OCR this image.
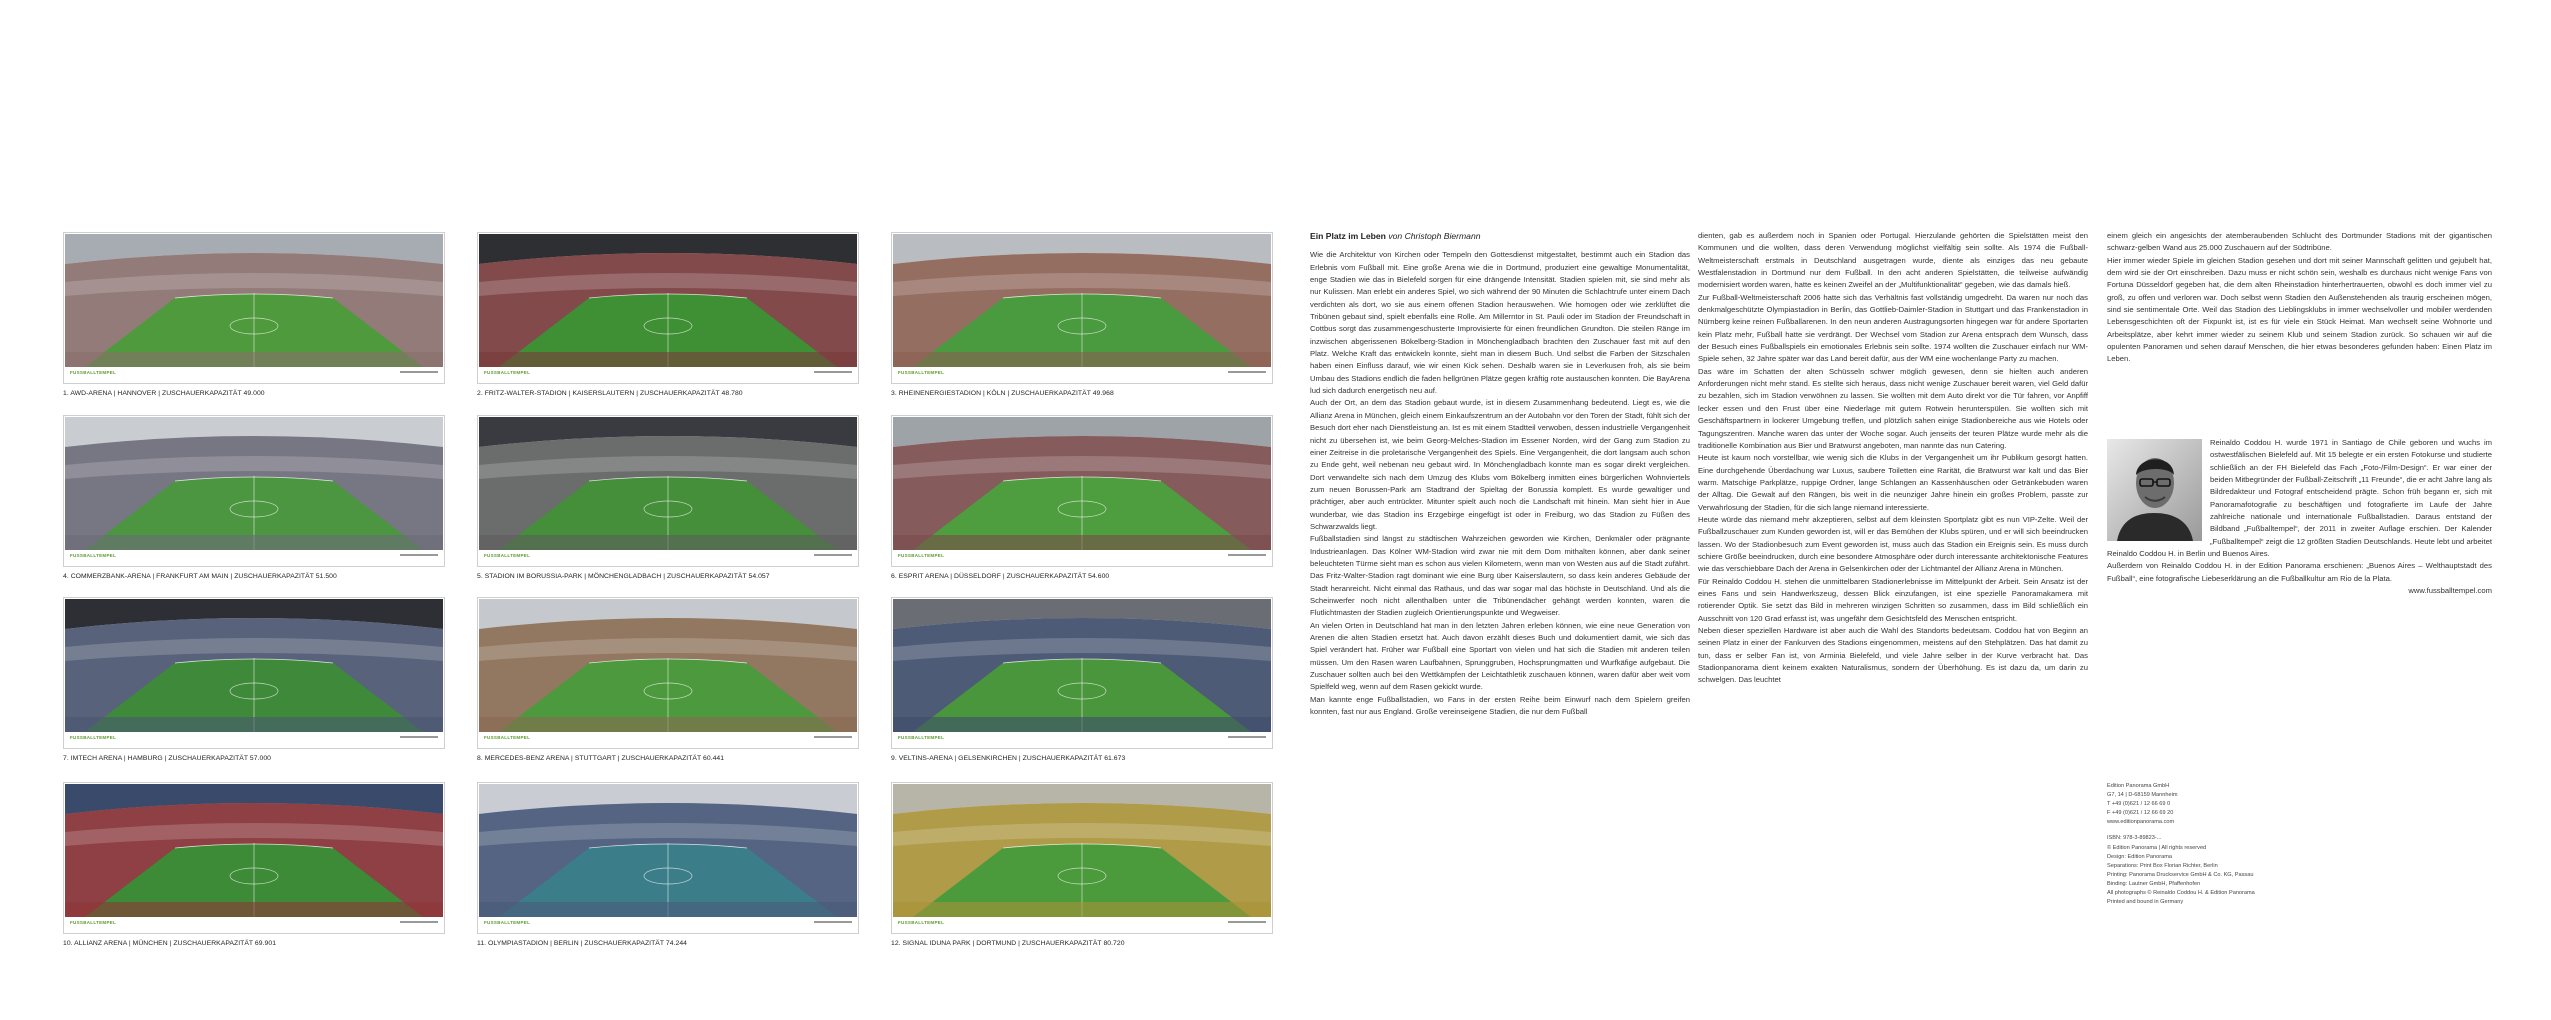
FUSSBALLTEMPEL
1. AWD-ARENA | HANNOVER | ZUSCHAUERKAPAZITÄT 49.000
FUSSBALLTEMPEL
2. FRITZ-WALTER-STADION | KAISERSLAUTERN | ZUSCHAUERKAPAZITÄT 48.780
FUSSBALLTEMPEL
3. RHEINENERGIESTADION | KÖLN | ZUSCHAUERKAPAZITÄT 49.968
FUSSBALLTEMPEL
4. COMMERZBANK-ARENA | FRANKFURT AM MAIN | ZUSCHAUERKAPAZITÄT 51.500
FUSSBALLTEMPEL
5. STADION IM BORUSSIA-PARK | MÖNCHENGLADBACH | ZUSCHAUERKAPAZITÄT 54.057
FUSSBALLTEMPEL
6. ESPRIT ARENA | DÜSSELDORF | ZUSCHAUERKAPAZITÄT 54.600
FUSSBALLTEMPEL
7. IMTECH ARENA | HAMBURG | ZUSCHAUERKAPAZITÄT 57.000
FUSSBALLTEMPEL
8. MERCEDES-BENZ ARENA | STUTTGART | ZUSCHAUERKAPAZITÄT 60.441
FUSSBALLTEMPEL
9. VELTINS-ARENA | GELSENKIRCHEN | ZUSCHAUERKAPAZITÄT 61.673
FUSSBALLTEMPEL
10. ALLIANZ ARENA | MÜNCHEN | ZUSCHAUERKAPAZITÄT 69.901
FUSSBALLTEMPEL
11. OLYMPIASTADION | BERLIN | ZUSCHAUERKAPAZITÄT 74.244
FUSSBALLTEMPEL
12. SIGNAL IDUNA PARK | DORTMUND | ZUSCHAUERKAPAZITÄT 80.720
Ein Platz im Leben von Christoph Biermann

Wie die Architektur von Kirchen oder Tempeln den Gottesdienst mitgestaltet, bestimmt auch ein Stadion das Erlebnis vom Fußball mit. Eine große Arena wie die in Dortmund, produziert eine gewaltige Monumentalität, enge Stadien wie das in Bielefeld sorgen für eine drängende Intensität. Stadien spielen mit, sie sind mehr als nur Kulissen. Man erlebt ein anderes Spiel, wo sich während der 90 Minuten die Schlachtrufe unter einem Dach verdichten als dort, wo sie aus einem offenen Stadion herauswehen. Wie homogen oder wie zerklüftet die Tribünen gebaut sind, spielt ebenfalls eine Rolle. Am Millerntor in St. Pauli oder im Stadion der Freundschaft in Cottbus sorgt das zusammengeschusterte Improvisierte für einen freundlichen Grundton. Die steilen Ränge im inzwischen abgerissenen Bökelberg-Stadion in Mönchengladbach brachten den Zuschauer fast mit auf den Platz. Welche Kraft das entwickeln konnte, sieht man in diesem Buch. Und selbst die Farben der Sitzschalen haben einen Einfluss darauf, wie wir einen Kick sehen. Deshalb waren sie in Leverkusen froh, als sie beim Umbau des Stadions endlich die faden hellgrünen Plätze gegen kräftig rote austauschen konnten. Die BayArena lud sich dadurch energetisch neu auf.

Auch der Ort, an dem das Stadion gebaut wurde, ist in diesem Zusammenhang bedeutend. Liegt es, wie die Allianz Arena in München, gleich einem Einkaufszentrum an der Autobahn vor den Toren der Stadt, fühlt sich der Besuch dort eher nach Dienstleistung an. Ist es mit einem Stadtteil verwoben, dessen industrielle Vergangenheit nicht zu übersehen ist, wie beim Georg-Melches-Stadion im Essener Norden, wird der Gang zum Stadion zu einer Zeitreise in die proletarische Vergangenheit des Spiels. Eine Vergangenheit, die dort langsam auch schon zu Ende geht, weil nebenan neu gebaut wird. In Mönchengladbach konnte man es sogar direkt vergleichen. Dort verwandelte sich nach dem Umzug des Klubs vom Bökelberg inmitten eines bürgerlichen Wohnviertels zum neuen Borussen-Park am Stadtrand der Spieltag der Borussia komplett. Es wurde gewaltiger und prächtiger, aber auch entrückter. Mitunter spielt auch noch die Landschaft mit hinein. Man sieht hier in Aue wunderbar, wie das Stadion ins Erzgebirge eingefügt ist oder in Freiburg, wo das Stadion zu Füßen des Schwarzwalds liegt.

Fußballstadien sind längst zu städtischen Wahrzeichen geworden wie Kirchen, Denkmäler oder prägnante Industrieanlagen. Das Kölner WM-Stadion wird zwar nie mit dem Dom mithalten können, aber dank seiner beleuchteten Türme sieht man es schon aus vielen Kilometern, wenn man von Westen aus auf die Stadt zufährt. Das Fritz-Walter-Stadion ragt dominant wie eine Burg über Kaiserslautern, so dass kein anderes Gebäude der Stadt heranreicht. Nicht einmal das Rathaus, und das war sogar mal das höchste in Deutschland. Und als die Scheinwerfer noch nicht allenthalben unter die Tribünendächer gehängt werden konnten, waren die Flutlichtmasten der Stadien zugleich Orientierungspunkte und Wegweiser.

An vielen Orten in Deutschland hat man in den letzten Jahren erleben können, wie eine neue Generation von Arenen die alten Stadien ersetzt hat. Auch davon erzählt dieses Buch und dokumentiert damit, wie sich das Spiel verändert hat. Früher war Fußball eine Sportart von vielen und hat sich die Stadien mit anderen teilen müssen. Um den Rasen waren Laufbahnen, Sprunggruben, Hochsprungmatten und Wurfkäfige aufgebaut. Die Zuschauer sollten auch bei den Wettkämpfen der Leichtathletik zuschauen können, waren dafür aber weit vom Spielfeld weg, wenn auf dem Rasen gekickt wurde.

Man kannte enge Fußballstadien, wo Fans in der ersten Reihe beim Einwurf nach dem Spielern greifen konnten, fast nur aus England. Große vereinseigene Stadien, die nur dem Fußball

dienten, gab es außerdem noch in Spanien oder Portugal. Hierzulande gehörten die Spielstätten meist den Kommunen und die wollten, dass deren Verwendung möglichst vielfältig sein sollte. Als 1974 die Fußball-Weltmeisterschaft erstmals in Deutschland ausgetragen wurde, diente als einziges das neu gebaute Westfalenstadion in Dortmund nur dem Fußball. In den acht anderen Spielstätten, die teilweise aufwändig modernisiert worden waren, hatte es keinen Zweifel an der „Multifunktionalität“ gegeben, wie das damals hieß.

Zur Fußball-Weltmeisterschaft 2006 hatte sich das Verhältnis fast vollständig umgedreht. Da waren nur noch das denkmalgeschützte Olympiastadion in Berlin, das Gottlieb-Daimler-Stadion in Stuttgart und das Frankenstadion in Nürnberg keine reinen Fußballarenen. In den neun anderen Austragungsorten hingegen war für andere Sportarten kein Platz mehr, Fußball hatte sie verdrängt. Der Wechsel vom Stadion zur Arena entsprach dem Wunsch, dass der Besuch eines Fußballspiels ein emotionales Erlebnis sein sollte. 1974 wollten die Zuschauer einfach nur WM-Spiele sehen, 32 Jahre später war das Land bereit dafür, aus der WM eine wochenlange Party zu machen.

Das wäre im Schatten der alten Schüsseln schwer möglich gewesen, denn sie hielten auch anderen Anforderungen nicht mehr stand. Es stellte sich heraus, dass nicht wenige Zuschauer bereit waren, viel Geld dafür zu bezahlen, sich im Stadion verwöhnen zu lassen. Sie wollten mit dem Auto direkt vor die Tür fahren, vor Anpfiff lecker essen und den Frust über eine Niederlage mit gutem Rotwein herunterspülen. Sie wollten sich mit Geschäftspartnern in lockerer Umgebung treffen, und plötzlich sahen einige Stadionbereiche aus wie Hotels oder Tagungszentren. Manche waren das unter der Woche sogar. Auch jenseits der teuren Plätze wurde mehr als die traditionelle Kombination aus Bier und Bratwurst angeboten, man nannte das nun Catering.

Heute ist kaum noch vorstellbar, wie wenig sich die Klubs in der Vergangenheit um ihr Publikum gesorgt hatten. Eine durchgehende Überdachung war Luxus, saubere Toiletten eine Rarität, die Bratwurst war kalt und das Bier warm. Matschige Parkplätze, ruppige Ordner, lange Schlangen an Kassenhäuschen oder Getränkebuden waren der Alltag. Die Gewalt auf den Rängen, bis weit in die neunziger Jahre hinein ein großes Problem, passte zur Verwahrlosung der Stadien, für die sich lange niemand interessierte.

Heute würde das niemand mehr akzeptieren, selbst auf dem kleinsten Sportplatz gibt es nun VIP-Zelte. Weil der Fußballzuschauer zum Kunden geworden ist, will er das Bemühen der Klubs spüren, und er will sich beeindrucken lassen. Wo der Stadionbesuch zum Event geworden ist, muss auch das Stadion ein Ereignis sein. Es muss durch schiere Größe beeindrucken, durch eine besondere Atmosphäre oder durch interessante architektonische Features wie das verschiebbare Dach der Arena in Gelsenkirchen oder der Lichtmantel der Allianz Arena in München.

Für Reinaldo Coddou H. stehen die unmittelbaren Stadionerlebnisse im Mittelpunkt der Arbeit. Sein Ansatz ist der eines Fans und sein Handwerkszeug, dessen Blick einzufangen, ist eine spezielle Panoramakamera mit rotierender Optik. Sie setzt das Bild in mehreren winzigen Schritten so zusammen, dass im Bild schließlich ein Ausschnitt von 120 Grad erfasst ist, was ungefähr dem Gesichtsfeld des Menschen entspricht.

Neben dieser speziellen Hardware ist aber auch die Wahl des Standorts bedeutsam. Coddou hat von Beginn an seinen Platz in einer der Fankurven des Stadions eingenommen, meistens auf den Stehplätzen. Das hat damit zu tun, dass er selber Fan ist, von Arminia Bielefeld, und viele Jahre selber in der Kurve verbracht hat. Das Stadionpanorama dient keinem exakten Naturalismus, sondern der Überhöhung. Es ist dazu da, um darin zu schwelgen. Das leuchtet

einem gleich ein angesichts der atemberaubenden Schlucht des Dortmunder Stadions mit der gigantischen schwarz-gelben Wand aus 25.000 Zuschauern auf der Südtribüne.

Hier immer wieder Spiele im gleichen Stadion gesehen und dort mit seiner Mannschaft gelitten und gejubelt hat, dem wird sie der Ort einschreiben. Dazu muss er nicht schön sein, weshalb es durchaus nicht wenige Fans von Fortuna Düsseldorf gegeben hat, die dem alten Rheinstadion hinterhertrauerten, obwohl es doch immer viel zu groß, zu offen und verloren war. Doch selbst wenn Stadien den Außenstehenden als traurig erscheinen mögen, sind sie sentimentale Orte. Weil das Stadion des Lieblingsklubs in immer wechselvoller und mobiler werdenden Lebensgeschichten oft der Fixpunkt ist, ist es für viele ein Stück Heimat. Man wechselt seine Wohnorte und Arbeitsplätze, aber kehrt immer wieder zu seinem Klub und seinem Stadion zurück. So schauen wir auf die opulenten Panoramen und sehen darauf Menschen, die hier etwas besonderes gefunden haben: Einen Platz im Leben.

Reinaldo Coddou H. wurde 1971 in Santiago de Chile geboren und wuchs im ostwestfälischen Bielefeld auf. Mit 15 belegte er ein ersten Fotokurse und studierte schließlich an der FH Bielefeld das Fach „Foto-/Film-Design“. Er war einer der beiden Mitbegründer der Fußball-Zeitschrift „11 Freunde“, die er acht Jahre lang als Bildredakteur und Fotograf entscheidend prägte. Schon früh begann er, sich mit Panoramafotografie zu beschäftigen und fotografierte im Laufe der Jahre zahlreiche nationale und internationale Fußballstadien. Daraus entstand der Bildband „Fußballtempel“, der 2011 in zweiter Auflage erschien. Der Kalender „Fußballtempel“ zeigt die 12 größten Stadien Deutschlands. Heute lebt und arbeitet Reinaldo Coddou H. in Berlin und Buenos Aires.

Außerdem von Reinaldo Coddou H. in der Edition Panorama erschienen: „Buenos Aires – Welthauptstadt des Fußball“, eine fotografische Liebeserklärung an die Fußballkultur am Rio de la Plata.

www.fussballtempel.com

Edition Panorama GmbH
G7, 14 | D-68159 Mannheim
T +49 (0)621 / 12 66 69 0
F +49 (0)621 / 12 66 69 20
www.editionpanorama.com
ISBN: 978-3-89823-...
© Edition Panorama | All rights reserved
Design: Edition Panorama
Separations: Print Box Florian Richter, Berlin
Printing: Panorama Druckservice GmbH & Co. KG, Passau
Binding: Lautner GmbH, Pfaffenhofen
All photographs © Reinaldo Coddou H. & Edition Panorama
Printed and bound in Germany
